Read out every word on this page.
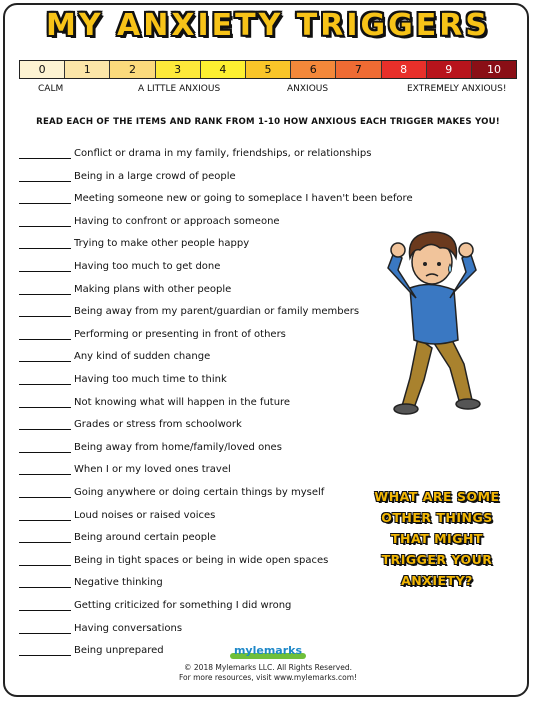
MY ANXIETY TRIGGERS
0	1	2	3	4	5	6	7	8	9	10
CALM	A LITTLE ANXIOUS	ANXIOUS	EXTREMELY ANXIOUS!
READ EACH OF THE ITEMS AND RANK FROM 1-10 HOW ANXIOUS EACH TRIGGER MAKES YOU!
Conflict or drama in my family, friendships, or relationships
Being in a large crowd of people
Meeting someone new or going to someplace I haven't been before
Having to confront or approach someone
Trying to make other people happy
Having too much to get done
Making plans with other people
Being away from my parent/guardian or family members
Performing or presenting in front of others
Any kind of sudden change
Having too much time to think
Not knowing what will happen in the future
Grades or stress from schoolwork
Being away from home/family/loved ones
When I or my loved ones travel
Going anywhere or doing certain things by myself
Loud noises or raised voices
Being around certain people
Being in tight spaces or being in wide open spaces
Negative thinking
Getting criticized for something I did wrong
Having conversations
Being unprepared
WHAT ARE SOME OTHER THINGS THAT MIGHT TRIGGER YOUR ANXIETY?
mylemarks
© 2018 Mylemarks LLC. All Rights Reserved.
For more resources, visit www.mylemarks.com!
